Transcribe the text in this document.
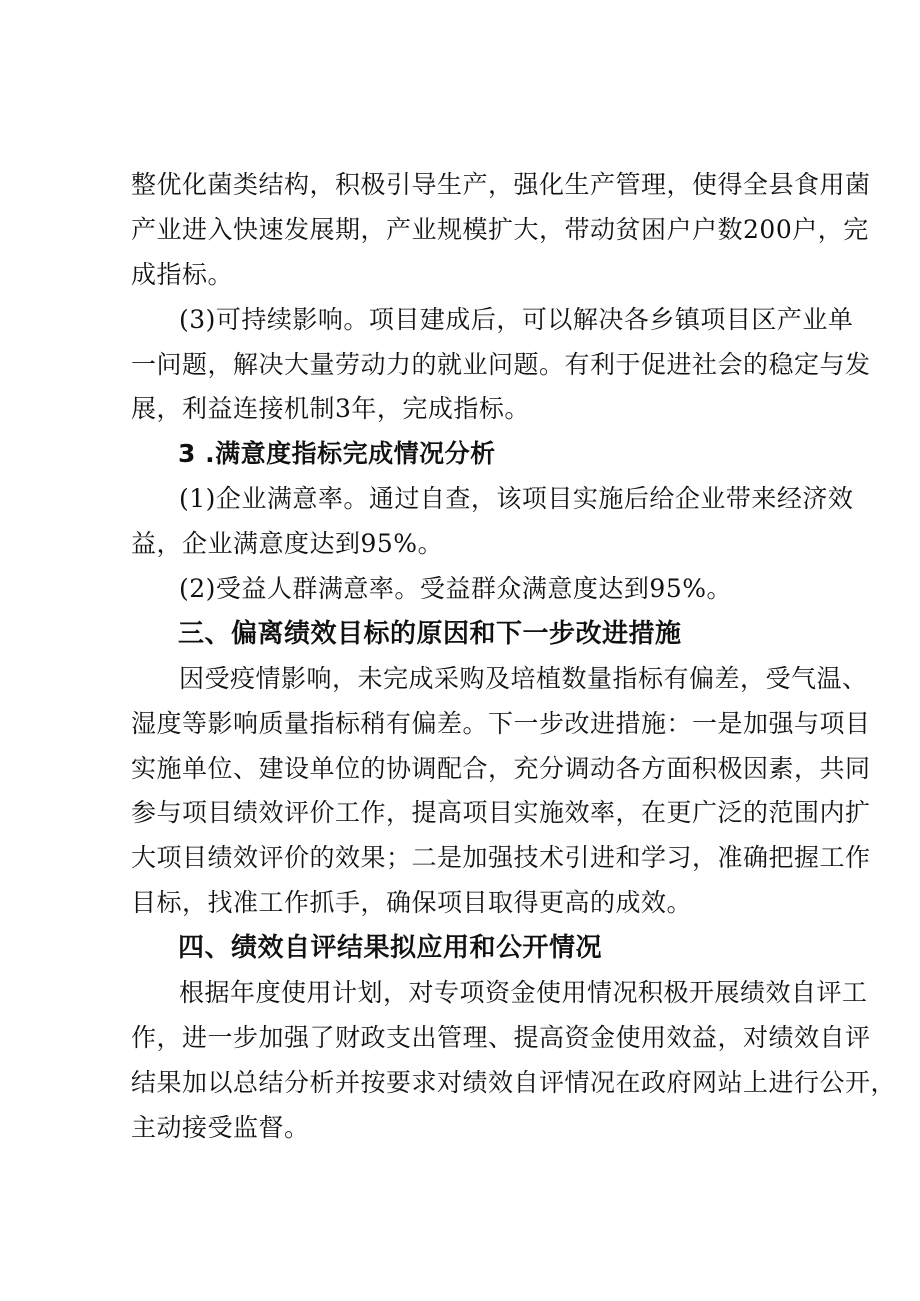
整优化菌类结构，积极引导生产，强化生产管理，使得全县食用菌
产业进入快速发展期，产业规模扩大，带动贫困户户数200户，完
成指标。
(3)可持续影响。项目建成后，可以解决各乡镇项目区产业单
一问题，解决大量劳动力的就业问题。有利于促进社会的稳定与发
展，利益连接机制3年，完成指标。
3 .满意度指标完成情况分析
(1)企业满意率。通过自查，该项目实施后给企业带来经济效
益，企业满意度达到95%。
(2)受益人群满意率。受益群众满意度达到95%。
三、偏离绩效目标的原因和下一步改进措施
因受疫情影响，未完成采购及培植数量指标有偏差，受气温、
湿度等影响质量指标稍有偏差。下一步改进措施：一是加强与项目
实施单位、建设单位的协调配合，充分调动各方面积极因素，共同
参与项目绩效评价工作，提高项目实施效率，在更广泛的范围内扩
大项目绩效评价的效果；二是加强技术引进和学习，准确把握工作
目标，找准工作抓手，确保项目取得更高的成效。
四、绩效自评结果拟应用和公开情况
根据年度使用计划，对专项资金使用情况积极开展绩效自评工
作，进一步加强了财政支出管理、提高资金使用效益，对绩效自评
结果加以总结分析并按要求对绩效自评情况在政府网站上进行公开，
主动接受监督。
